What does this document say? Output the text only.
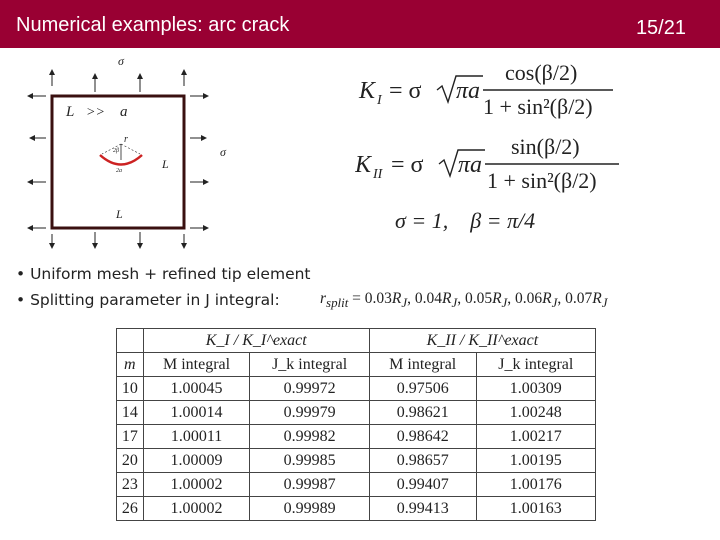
Numerical examples: arc crack	15/21
σ
σ
L >> a
r
2β
2a	L
L
K I = σ πa
cos(β/2)
1 + sin²(β/2)
K II = σ πa
sin(β/2)
1 + sin²(β/2)
σ = 1,    β = π/4
• Uniform mesh + refined tip element
• Splitting parameter in J integral:	$r_{split} = 0.03R_J$, $0.04R_J$, $0.05R_J$, $0.06R_J$, $0.07R_J$
	K_I / K_I^exact		K_II / K_II^exact	
m	M integral	J_k integral	M integral	J_k integral
10	1.00045	0.99972	0.97506	1.00309
14	1.00014	0.99979	0.98621	1.00248
17	1.00011	0.99982	0.98642	1.00217
20	1.00009	0.99985	0.98657	1.00195
23	1.00002	0.99987	0.99407	1.00176
26	1.00002	0.99989	0.99413	1.00163
